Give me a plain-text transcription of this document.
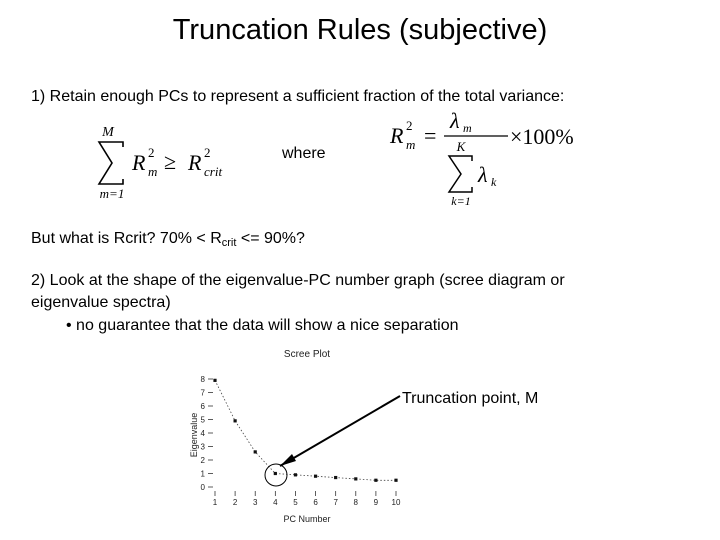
Truncation Rules (subjective)
1) Retain enough PCs to represent a sufficient fraction of the total variance:
M
m=1
R 2
m ≥ R 2
crit
where
R 2
m =
λ m ×100%
K
k=1
λ k
But what is Rcrit? $70\% < R_{crit} <= 90\%$?
2) Look at the shape of the eigenvalue-PC number graph (scree diagram or
eigenvalue spectra)
• no guarantee that the data will show a nice separation
Scree Plot
Eigenvalue
PC Number
0
1
2
3
4
5
6
7
8
1 2 3 4 5 6 7 8 9 10
Truncation point, M
